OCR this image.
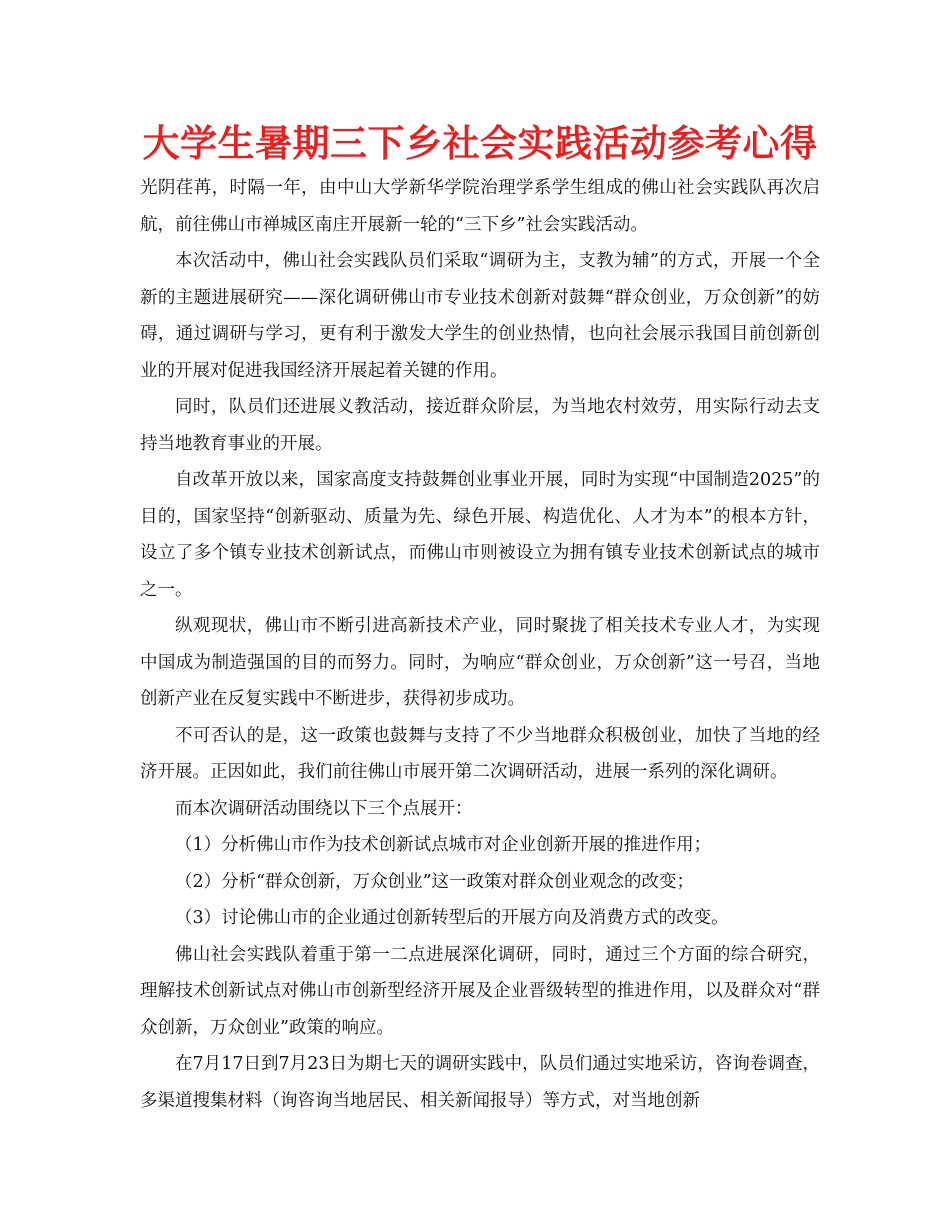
大学生暑期三下乡社会实践活动参考心得

光阴荏苒，时隔一年，由中山大学新华学院治理学系学生组成的佛山社会实践队再次启航，前往佛山市禅城区南庄开展新一轮的“三下乡”社会实践活动。

本次活动中，佛山社会实践队员们采取“调研为主，支教为辅”的方式，开展一个全新的主题进展研究——深化调研佛山市专业技术创新对鼓舞“群众创业，万众创新”的妨碍，通过调研与学习，更有利于激发大学生的创业热情，也向社会展示我国目前创新创业的开展对促进我国经济开展起着关键的作用。

同时，队员们还进展义教活动，接近群众阶层，为当地农村效劳，用实际行动去支持当地教育事业的开展。

自改革开放以来，国家高度支持鼓舞创业事业开展，同时为实现“中国制造2025”的目的，国家坚持“创新驱动、质量为先、绿色开展、构造优化、人才为本”的根本方针，设立了多个镇专业技术创新试点，而佛山市则被设立为拥有镇专业技术创新试点的城市之一。

纵观现状，佛山市不断引进高新技术产业，同时聚拢了相关技术专业人才，为实现中国成为制造强国的目的而努力。同时，为响应“群众创业，万众创新”这一号召，当地创新产业在反复实践中不断进步，获得初步成功。

不可否认的是，这一政策也鼓舞与支持了不少当地群众积极创业，加快了当地的经济开展。正因如此，我们前往佛山市展开第二次调研活动，进展一系列的深化调研。

而本次调研活动围绕以下三个点展开：

（1）分析佛山市作为技术创新试点城市对企业创新开展的推进作用；

（2）分析“群众创新，万众创业”这一政策对群众创业观念的改变；

（3）讨论佛山市的企业通过创新转型后的开展方向及消费方式的改变。

佛山社会实践队着重于第一二点进展深化调研，同时，通过三个方面的综合研究，理解技术创新试点对佛山市创新型经济开展及企业晋级转型的推进作用，以及群众对“群众创新，万众创业”政策的响应。

在7月17日到7月23日为期七天的调研实践中，队员们通过实地采访，咨询卷调查，多渠道搜集材料（询咨询当地居民、相关新闻报导）等方式，对当地创新
